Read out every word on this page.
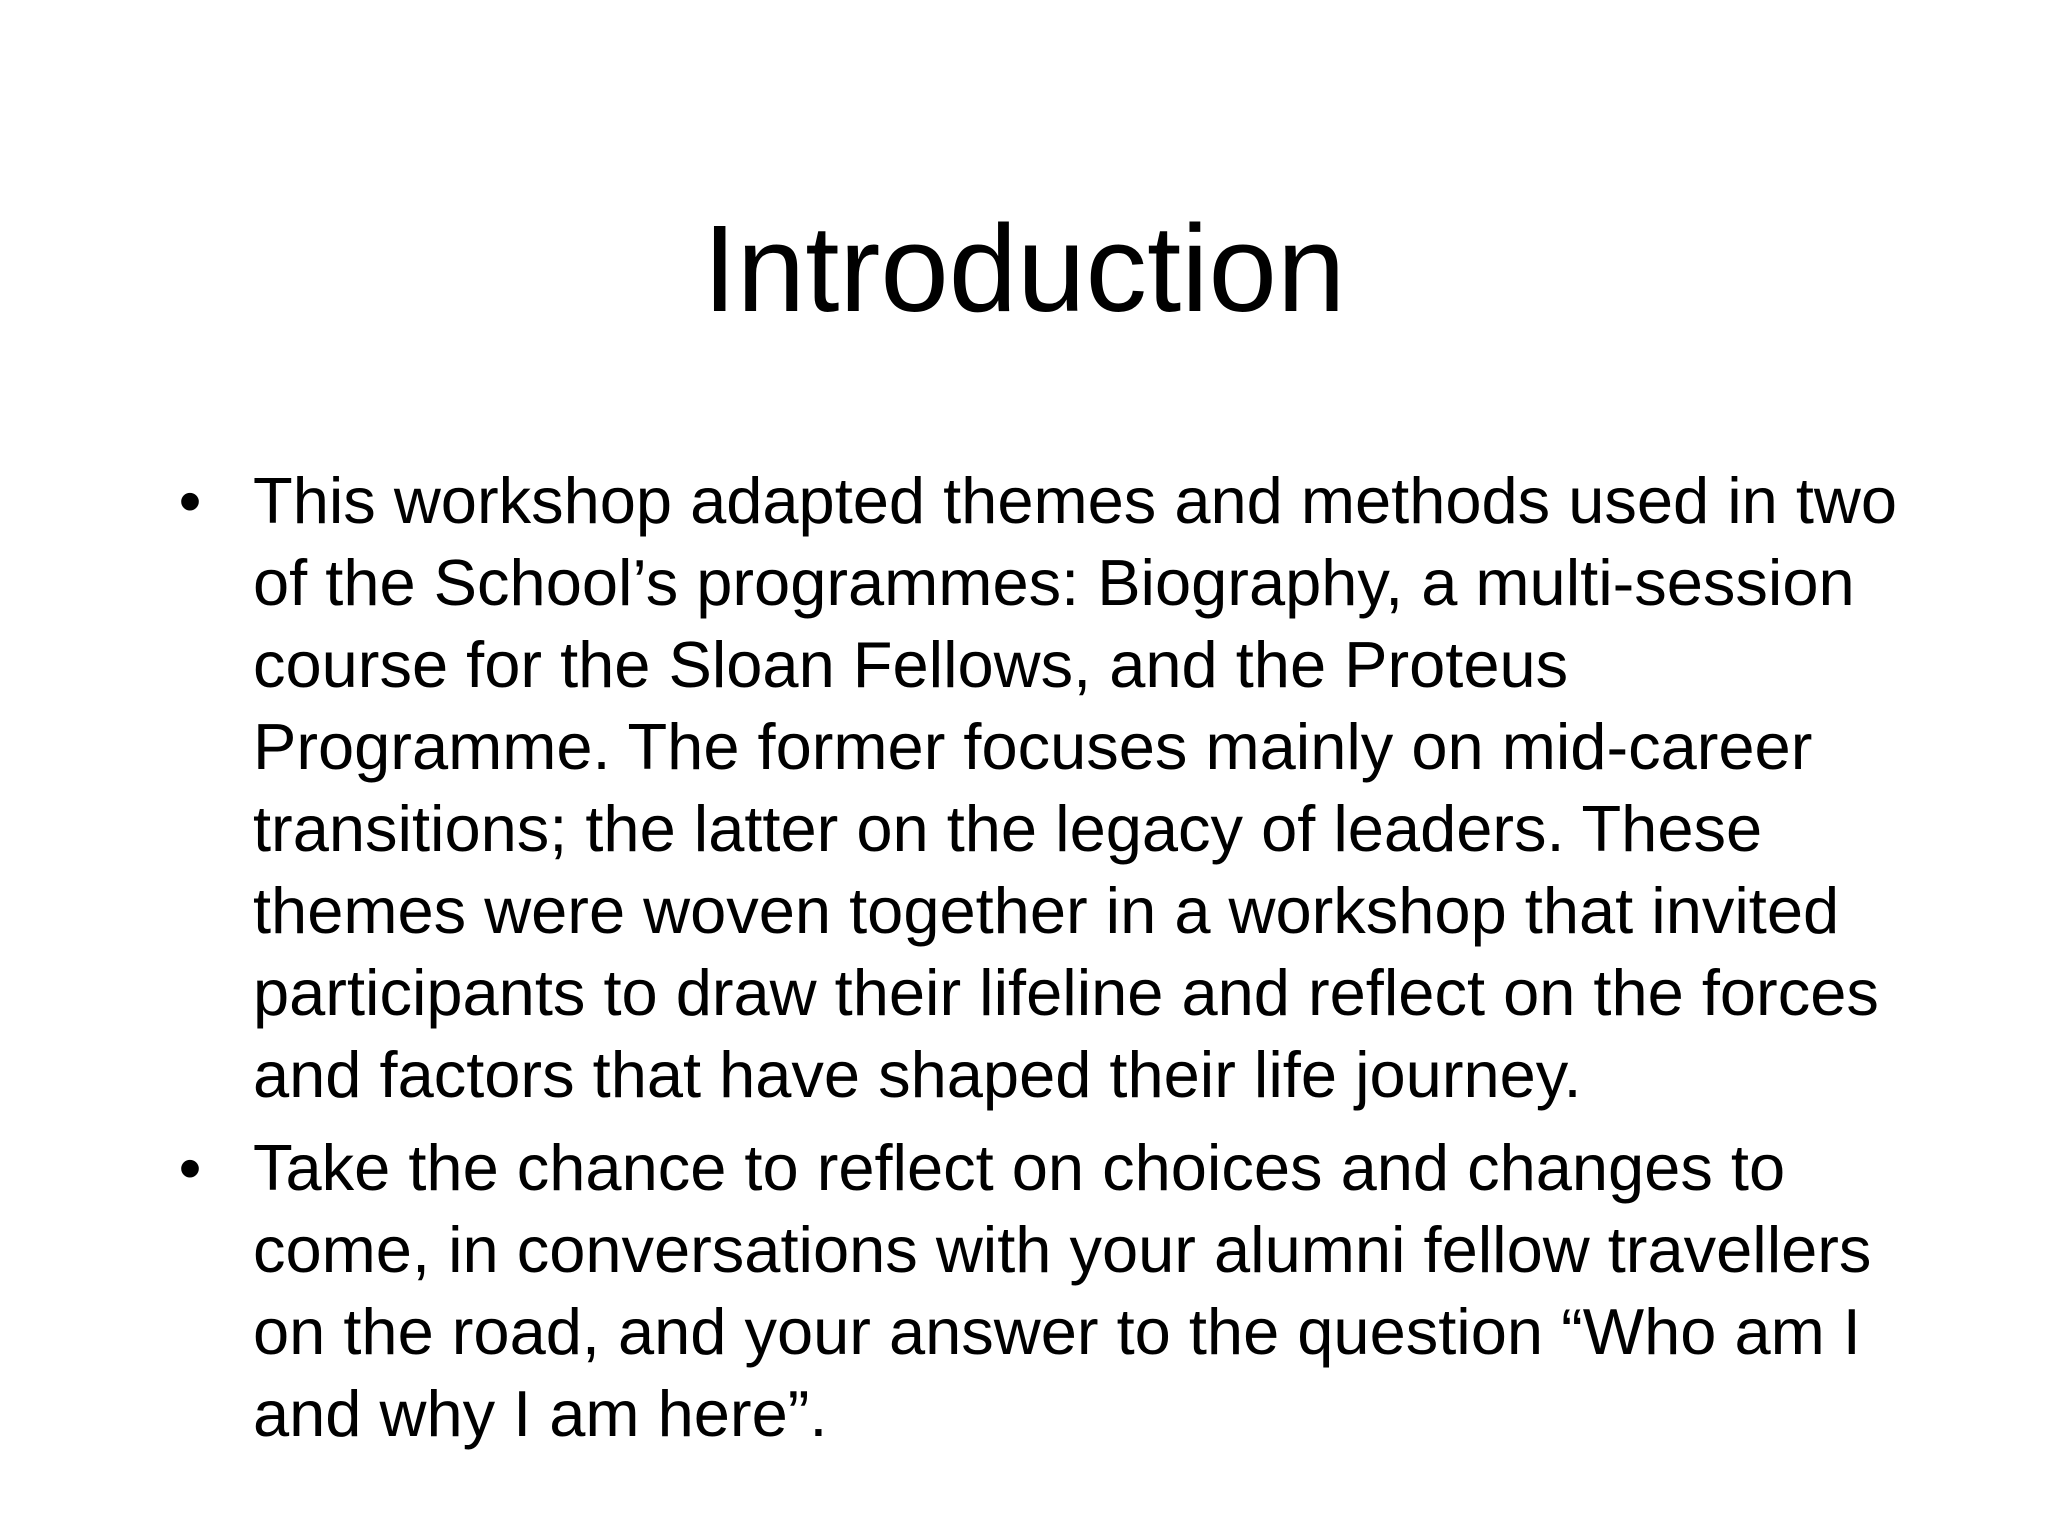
Introduction
• This workshop adapted themes and methods used in two of the School’s programmes: Biography, a multi-session course for the Sloan Fellows, and the Proteus Programme. The former focuses mainly on mid-career transitions; the latter on the legacy of leaders. These themes were woven together in a workshop that invited participants to draw their lifeline and reflect on the forces and factors that have shaped their life journey.
• Take the chance to reflect on choices and changes to come, in conversations with your alumni fellow travellers on the road, and your answer to the question “Who am I and why I am here”.
